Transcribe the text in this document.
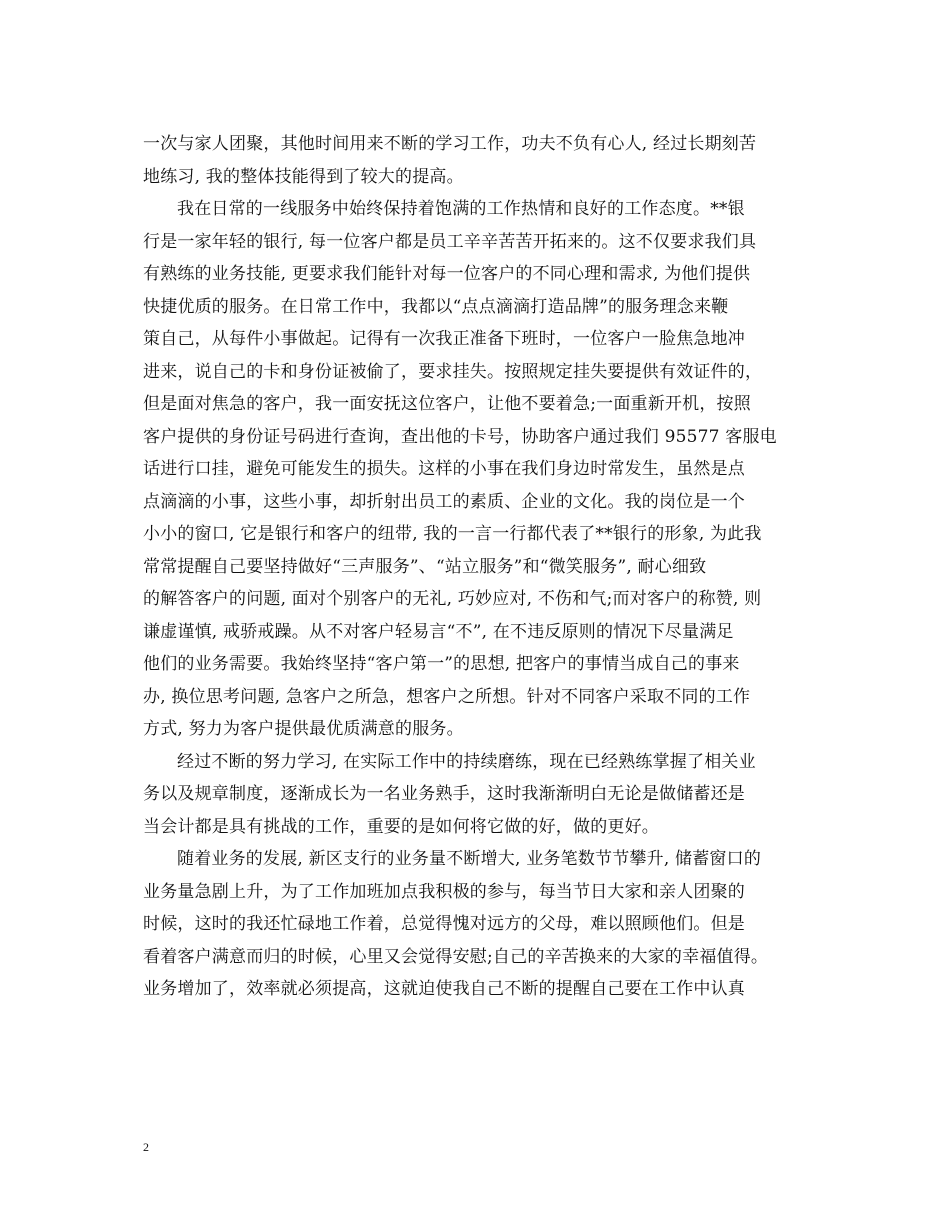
一次与家人团聚，其他时间用来不断的学习工作，功夫不负有心人, 经过长期刻苦
地练习, 我的整体技能得到了较大的提高。
我在日常的一线服务中始终保持着饱满的工作热情和良好的工作态度。**银
行是一家年轻的银行, 每一位客户都是员工辛辛苦苦开拓来的。这不仅要求我们具
有熟练的业务技能, 更要求我们能针对每一位客户的不同心理和需求, 为他们提供
快捷优质的服务。在日常工作中，我都以“点点滴滴打造品牌”的服务理念来鞭
策自己，从每件小事做起。记得有一次我正准备下班时，一位客户一脸焦急地冲
进来，说自己的卡和身份证被偷了，要求挂失。按照规定挂失要提供有效证件的，
但是面对焦急的客户，我一面安抚这位客户，让他不要着急;一面重新开机，按照
客户提供的身份证号码进行查询，查出他的卡号，协助客户通过我们 95577 客服电
话进行口挂，避免可能发生的损失。这样的小事在我们身边时常发生，虽然是点
点滴滴的小事，这些小事，却折射出员工的素质、企业的文化。我的岗位是一个
小小的窗口, 它是银行和客户的纽带, 我的一言一行都代表了**银行的形象, 为此我
常常提醒自己要坚持做好“三声服务”、“站立服务”和“微笑服务”, 耐心细致
的解答客户的问题, 面对个别客户的无礼, 巧妙应对, 不伤和气;而对客户的称赞, 则
谦虚谨慎, 戒骄戒躁。从不对客户轻易言“不”, 在不违反原则的情况下尽量满足
他们的业务需要。我始终坚持“客户第一”的思想, 把客户的事情当成自己的事来
办, 换位思考问题, 急客户之所急，想客户之所想。针对不同客户采取不同的工作
方式, 努力为客户提供最优质满意的服务。
经过不断的努力学习, 在实际工作中的持续磨练，现在已经熟练掌握了相关业
务以及规章制度，逐渐成长为一名业务熟手，这时我渐渐明白无论是做储蓄还是
当会计都是具有挑战的工作，重要的是如何将它做的好，做的更好。
随着业务的发展, 新区支行的业务量不断增大, 业务笔数节节攀升, 储蓄窗口的
业务量急剧上升，为了工作加班加点我积极的参与，每当节日大家和亲人团聚的
时候，这时的我还忙碌地工作着，总觉得愧对远方的父母，难以照顾他们。但是
看着客户满意而归的时候，心里又会觉得安慰;自己的辛苦换来的大家的幸福值得。
业务增加了，效率就必须提高，这就迫使我自己不断的提醒自己要在工作中认真
2
